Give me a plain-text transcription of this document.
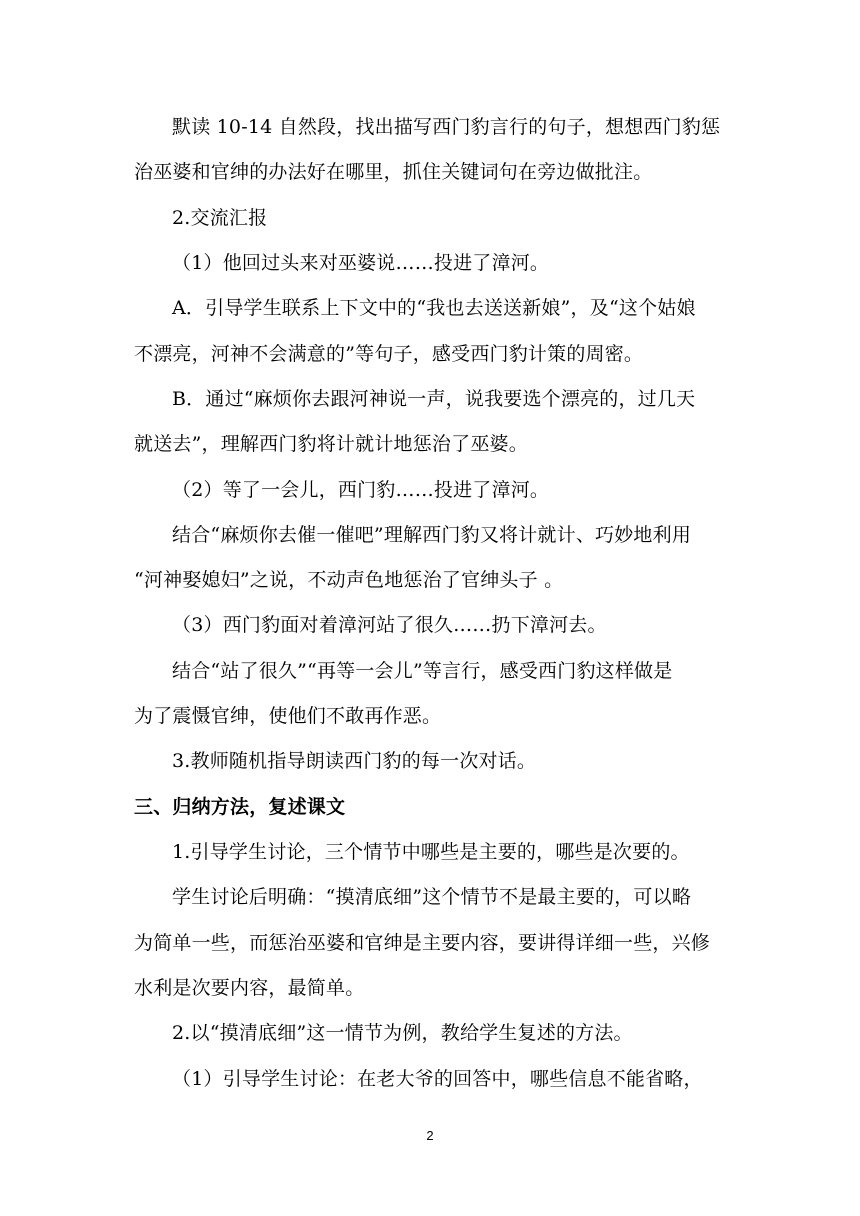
默读 10-14 自然段，找出描写西门豹言行的句子，想想西门豹惩
治巫婆和官绅的办法好在哪里，抓住关键词句在旁边做批注。
2.交流汇报
（1）他回过头来对巫婆说……投进了漳河。
A．引导学生联系上下文中的“我也去送送新娘”，及“这个姑娘
不漂亮，河神不会满意的”等句子，感受西门豹计策的周密。
B．通过“麻烦你去跟河神说一声，说我要选个漂亮的，过几天
就送去”，理解西门豹将计就计地惩治了巫婆。
（2）等了一会儿，西门豹……投进了漳河。
结合“麻烦你去催一催吧”理解西门豹又将计就计、巧妙地利用
“河神娶媳妇”之说，不动声色地惩治了官绅头子 。
（3）西门豹面对着漳河站了很久……扔下漳河去。
结合“站了很久”“再等一会儿”等言行，感受西门豹这样做是
为了震慑官绅，使他们不敢再作恶。
3.教师随机指导朗读西门豹的每一次对话。
三、归纳方法，复述课文
1.引导学生讨论，三个情节中哪些是主要的，哪些是次要的。
学生讨论后明确：“摸清底细”这个情节不是最主要的，可以略
为简单一些，而惩治巫婆和官绅是主要内容，要讲得详细一些，兴修
水利是次要内容，最简单。
2.以“摸清底细”这一情节为例，教给学生复述的方法。
（1）引导学生讨论：在老大爷的回答中，哪些信息不能省略，
2
